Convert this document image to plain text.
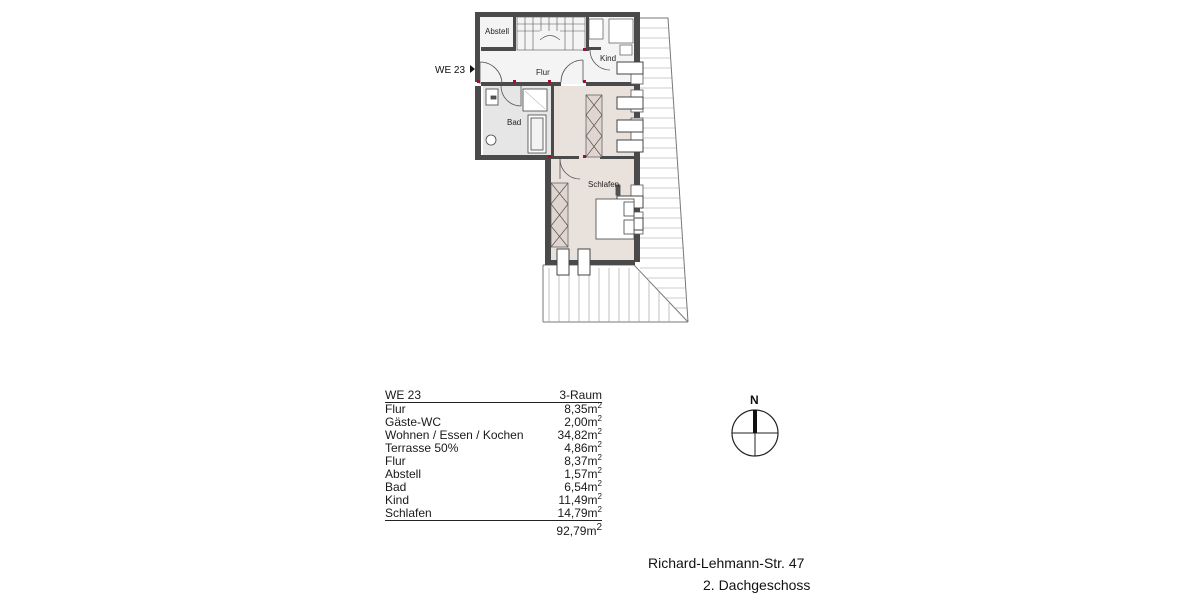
Abstell
Flur
Kind
Bad
Schlafen
WE 23
WE 23	3-Raum
Flur	$8,35m^2$
Gäste-WC	$2,00m^2$
Wohnen / Essen / Kochen	$34,82m^2$
Terrasse 50%	$4,86m^2$
Flur	$8,37m^2$
Abstell	$1,57m^2$
Bad	$6,54m^2$
Kind	$11,49m^2$
Schlafen	$14,79m^2$
$92,79m^2$
N
Richard-Lehmann-Str. 47
2. Dachgeschoss
